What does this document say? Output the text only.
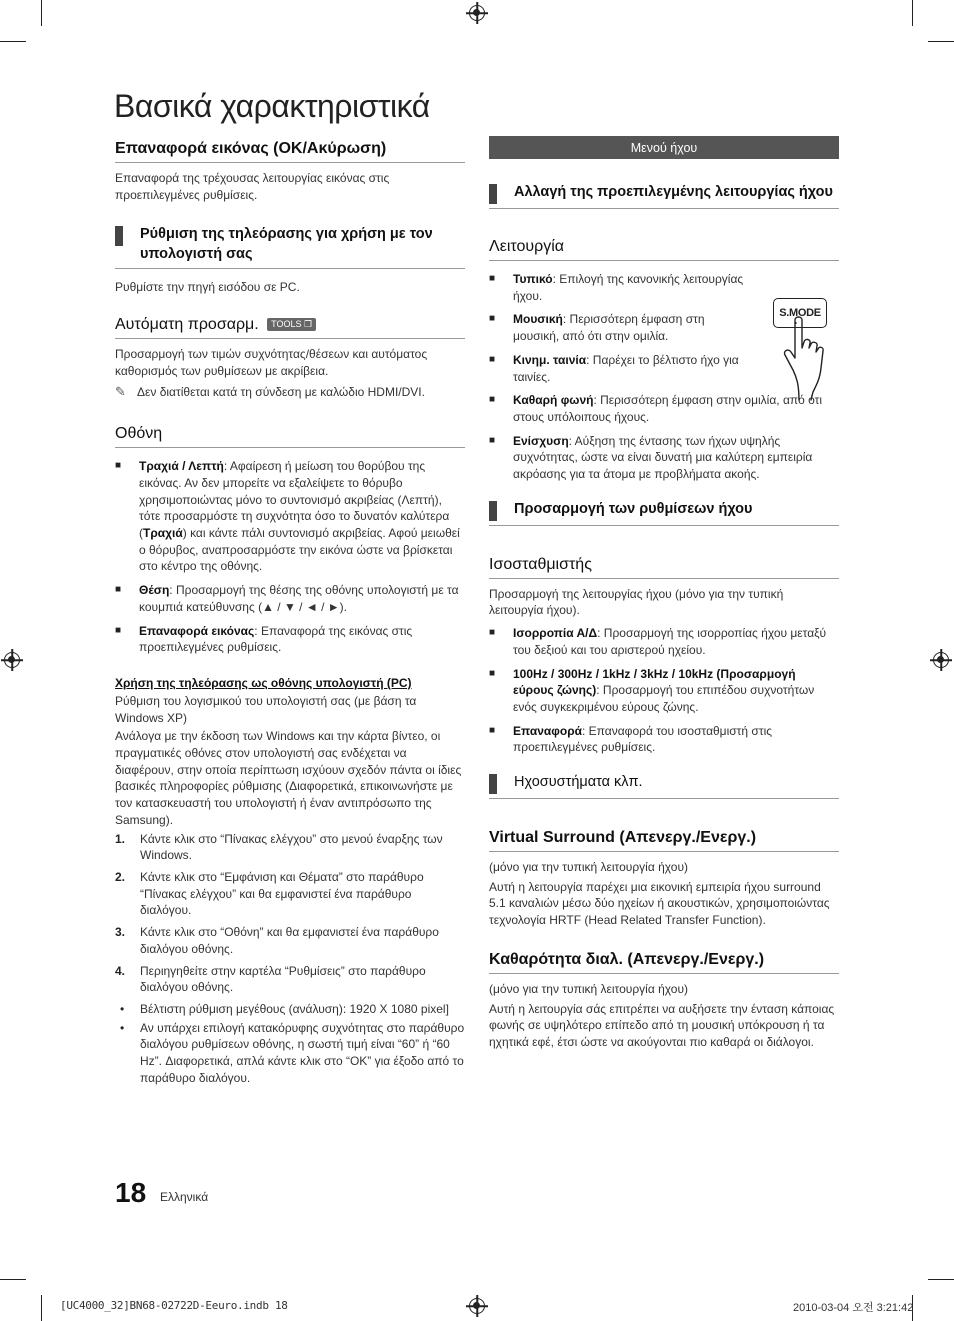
Βασικά χαρακτηριστικά
Επαναφορά εικόνας (OK/Ακύρωση)

Επαναφορά της τρέχουσας λειτουργίας εικόνας στις προεπιλεγμένες ρυθμίσεις.

Ρύθμιση της τηλεόρασης για χρήση με τον υπολογιστή σας

Ρυθμίστε την πηγή εισόδου σε PC.

Αυτόματη προσαρμ. TOOLS ❐

Προσαρμογή των τιμών συχνότητας/θέσεων και αυτόματος καθορισμός των ρυθμίσεων με ακρίβεια.

✎ Δεν διατίθεται κατά τη σύνδεση με καλώδιο HDMI/DVI.
Οθόνη
■	Τραχιά / Λεπτή: Αφαίρεση ή μείωση του θορύβου της εικόνας. Αν δεν μπορείτε να εξαλείψετε το θόρυβο χρησιμοποιώντας μόνο το συντονισμό ακριβείας (Λεπτή), τότε προσαρμόστε τη συχνότητα όσο το δυνατόν καλύτερα (Τραχιά) και κάντε πάλι συντονισμό ακριβείας. Αφού μειωθεί ο θόρυβος, αναπροσαρμόστε την εικόνα ώστε να βρίσκεται στο κέντρο της οθόνης.
■	Θέση: Προσαρμογή της θέσης της οθόνης υπολογιστή με τα κουμπιά κατεύθυνσης (▲ / ▼ / ◄ / ►).
■	Επαναφορά εικόνας: Επαναφορά της εικόνας στις προεπιλεγμένες ρυθμίσεις.
Χρήση της τηλεόρασης ως οθόνης υπολογιστή (PC)

Ρύθμιση του λογισμικού του υπολογιστή σας (με βάση τα Windows XP)

Ανάλογα με την έκδοση των Windows και την κάρτα βίντεο, οι πραγματικές οθόνες στον υπολογιστή σας ενδέχεται να διαφέρουν, στην οποία περίπτωση ισχύουν σχεδόν πάντα οι ίδιες βασικές πληροφορίες ρύθμισης (Διαφορετικά, επικοινωνήστε με τον κατασκευαστή του υπολογιστή ή έναν αντιπρόσωπο της Samsung).

1.	Κάντε κλικ στο “Πίνακας ελέγχου” στο μενού έναρξης των Windows.
2.	Κάντε κλικ στο “Εμφάνιση και Θέματα” στο παράθυρο “Πίνακας ελέγχου” και θα εμφανιστεί ένα παράθυρο διαλόγου.
3.	Κάντε κλικ στο “Οθόνη” και θα εμφανιστεί ένα παράθυρο διαλόγου οθόνης.
4.	Περιηγηθείτε στην καρτέλα “Ρυθμίσεις” στο παράθυρο διαλόγου οθόνης.
•	Βέλτιστη ρύθμιση μεγέθους (ανάλυση): 1920 X 1080 pixel]
•	Αν υπάρχει επιλογή κατακόρυφης συχνότητας στο παράθυρο διαλόγου ρυθμίσεων οθόνης, η σωστή τιμή είναι “60” ή “60 Hz”. Διαφορετικά, απλά κάντε κλικ στο “OK” για έξοδο από το παράθυρο διαλόγου.
Μενού ήχου
Αλλαγή της προεπιλεγμένης λειτουργίας ήχου
Λειτουργία
S.MODE
■	Τυπικό: Επιλογή της κανονικής λειτουργίας ήχου.
■	Μουσική: Περισσότερη έμφαση στη μουσική, από ότι στην ομιλία.
■	Κινημ. ταινία: Παρέχει το βέλτιστο ήχο για ταινίες.
■	Καθαρή φωνή: Περισσότερη έμφαση στην ομιλία, από ότι στους υπόλοιπους ήχους.
■	Ενίσχυση: Αύξηση της έντασης των ήχων υψηλής συχνότητας, ώστε να είναι δυνατή μια καλύτερη εμπειρία ακρόασης για τα άτομα με προβλήματα ακοής.
Προσαρμογή των ρυθμίσεων ήχου
Ισοσταθμιστής

Προσαρμογή της λειτουργίας ήχου (μόνο για την τυπική λειτουργία ήχου).

■	Ισορροπία Α/Δ: Προσαρμογή της ισορροπίας ήχου μεταξύ του δεξιού και του αριστερού ηχείου.
■	100Hz / 300Hz / 1kHz / 3kHz / 10kHz (Προσαρμογή εύρους ζώνης): Προσαρμογή του επιπέδου συχνοτήτων ενός συγκεκριμένου εύρους ζώνης.
■	Επαναφορά: Επαναφορά του ισοσταθμιστή στις προεπιλεγμένες ρυθμίσεις.
Ηχοσυστήματα κλπ.
Virtual Surround (Απενεργ./Ενεργ.)

(μόνο για την τυπική λειτουργία ήχου)

Αυτή η λειτουργία παρέχει μια εικονική εμπειρία ήχου surround 5.1 καναλιών μέσω δύο ηχείων ή ακουστικών, χρησιμοποιώντας τεχνολογία HRTF (Head Related Transfer Function).

Καθαρότητα διαλ. (Απενεργ./Ενεργ.)

(μόνο για την τυπική λειτουργία ήχου)

Αυτή η λειτουργία σάς επιτρέπει να αυξήσετε την ένταση κάποιας φωνής σε υψηλότερο επίπεδο από τη μουσική υπόκρουση ή τα ηχητικά εφέ, έτσι ώστε να ακούγονται πιο καθαρά οι διάλογοι.

18 Ελληνικά
[UC4000_32]BN68-02722D-Eeuro.indb 18	2010-03-04 오전 3:21:42
